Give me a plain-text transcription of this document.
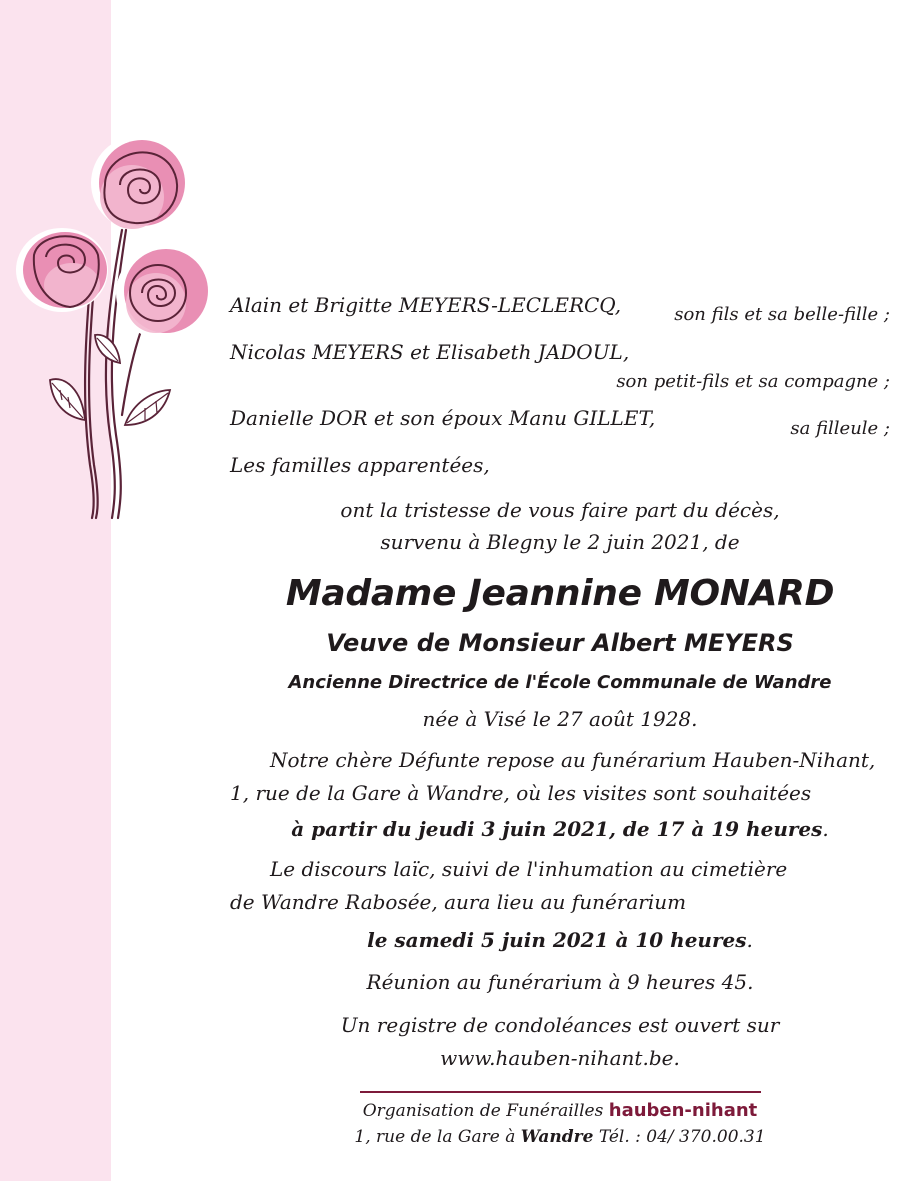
Alain et Brigitte MEYERS-LECLERCQ,	son fils et sa belle-fille ;
Nicolas MEYERS et Elisabeth JADOUL,
son petit-fils et sa compagne ;
Danielle DOR et son époux Manu GILLET,	sa filleule ;
Les familles apparentées,
ont la tristesse de vous faire part du décès,
survenu à Blegny le 2 juin 2021, de
Madame Jeannine MONARD
Veuve de Monsieur Albert MEYERS
Ancienne Directrice de l'École Communale de Wandre
née à Visé le 27 août 1928.
Notre chère Défunte repose au funérarium Hauben-Nihant,
1, rue de la Gare à Wandre, où les visites sont souhaitées
à partir du jeudi 3 juin 2021, de 17 à 19 heures.
Le discours laïc, suivi de l'inhumation au cimetière
de Wandre Rabosée, aura lieu au funérarium
le samedi 5 juin 2021 à 10 heures.
Réunion au funérarium à 9 heures 45.
Un registre de condoléances est ouvert sur
www.hauben-nihant.be.
Organisation de Funérailles hauben-nihant
1, rue de la Gare à Wandre Tél. : 04/ 370.00.31
